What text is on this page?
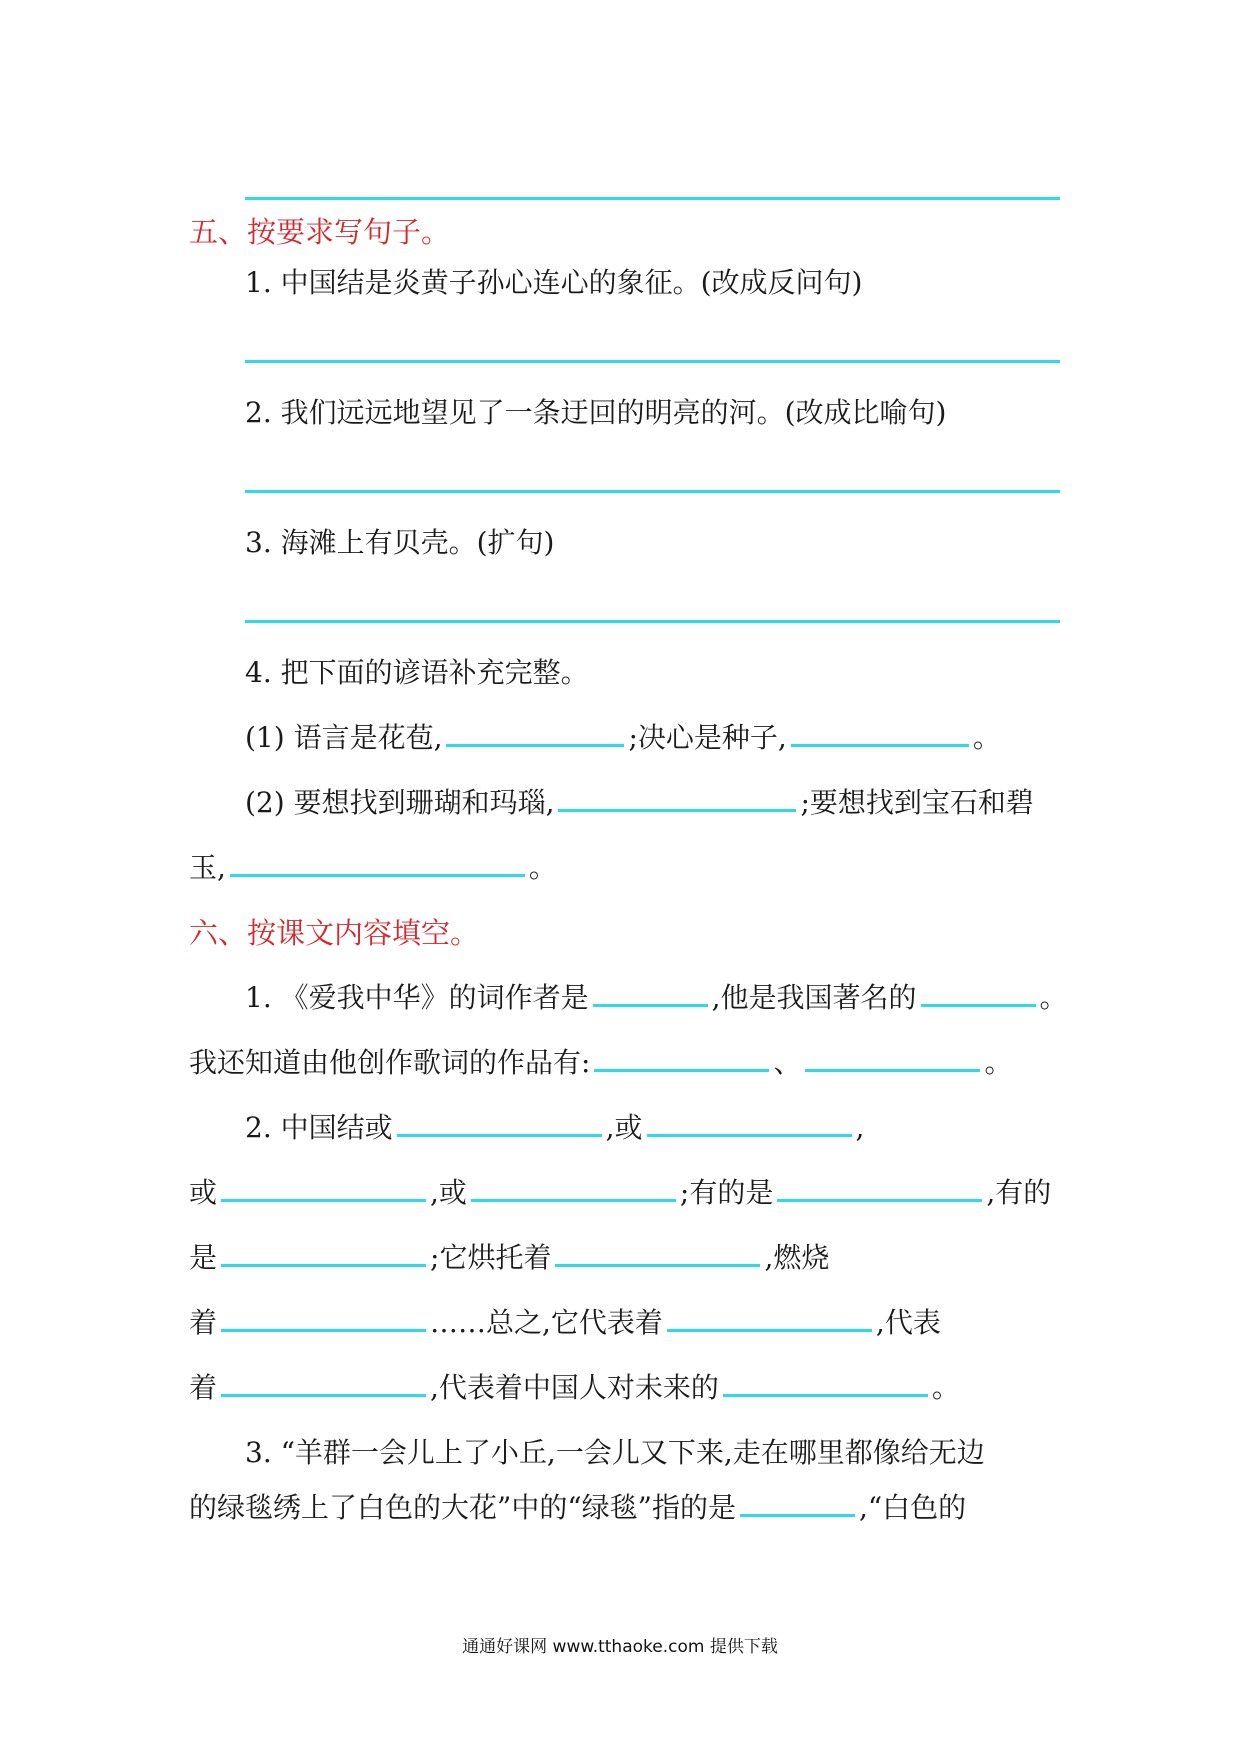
五、按要求写句子。
1. 中国结是炎黄子孙心连心的象征。(改成反问句)
2. 我们远远地望见了一条迂回的明亮的河。(改成比喻句)
3. 海滩上有贝壳。(扩句)
4. 把下面的谚语补充完整。
(1) 语言是花苞,	;决心是种子,	。
(2) 要想找到珊瑚和玛瑙,	;要想找到宝石和碧
玉,	。
六、按课文内容填空。
1. 《爱我中华》的词作者是	,他是我国著名的	。
我还知道由他创作歌词的作品有:	、	。
2. 中国结或	,或	,
或	,或	;有的是	,有的
是	;它烘托着	,燃烧
着	……总之,它代表着	,代表
着	,代表着中国人对未来的	。
3. “羊群一会儿上了小丘,一会儿又下来,走在哪里都像给无边
的绿毯绣上了白色的大花”中的“绿毯”指的是	,“白色的
通通好课网 www.tthaoke.com 提供下载
